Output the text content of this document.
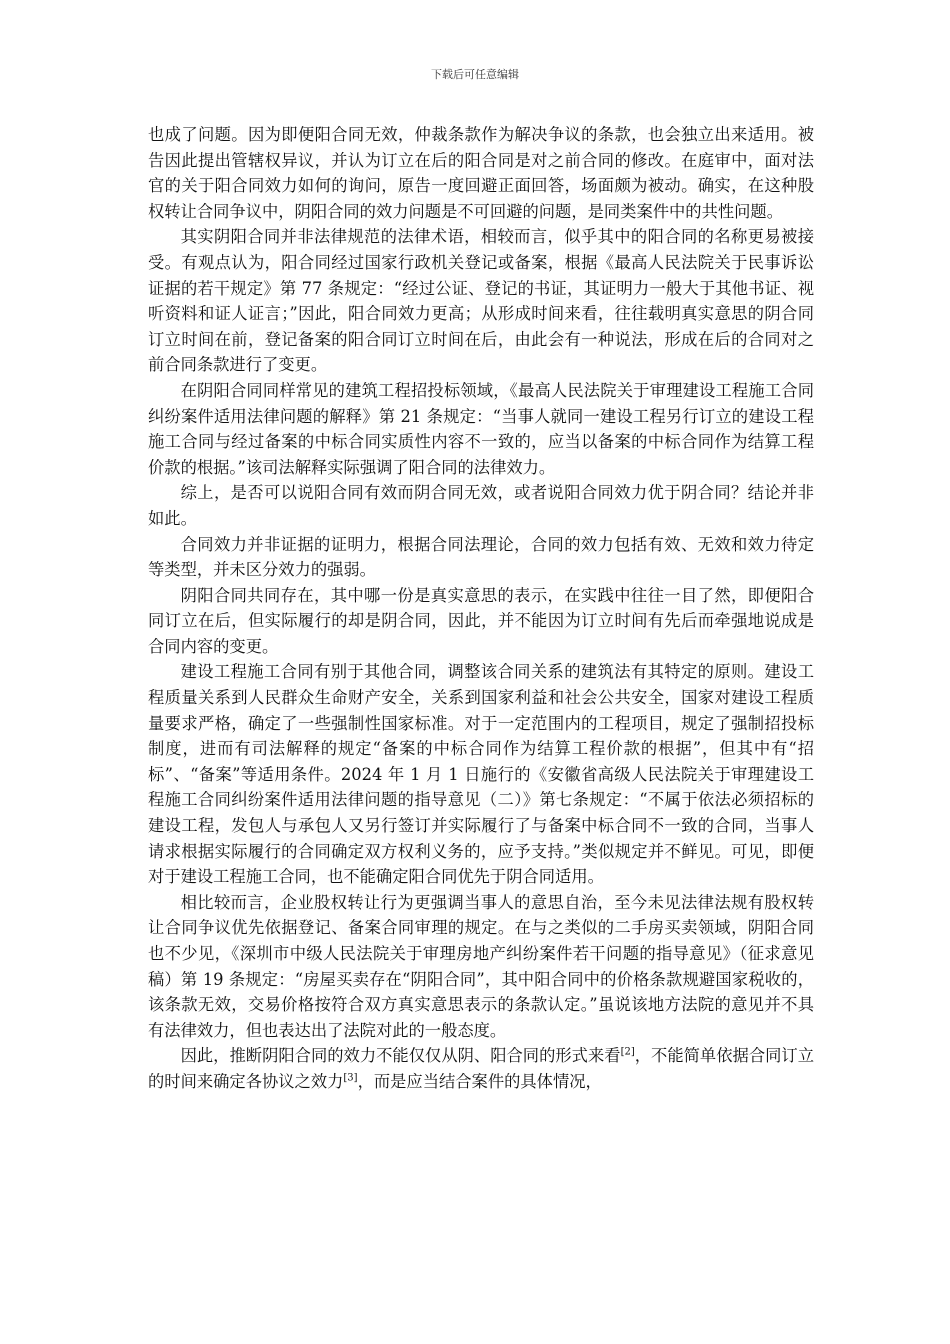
下载后可任意编辑

也成了问题。因为即便阳合同无效，仲裁条款作为解决争议的条款，也会独立出来适用。被告因此提出管辖权异议，并认为订立在后的阳合同是对之前合同的修改。在庭审中，面对法官的关于阳合同效力如何的询问，原告一度回避正面回答，场面颇为被动。确实，在这种股权转让合同争议中，阴阳合同的效力问题是不可回避的问题，是同类案件中的共性问题。

其实阴阳合同并非法律规范的法律术语，相较而言，似乎其中的阳合同的名称更易被接受。有观点认为，阳合同经过国家行政机关登记或备案，根据《最高人民法院关于民事诉讼证据的若干规定》第 77 条规定：“经过公证、登记的书证，其证明力一般大于其他书证、视听资料和证人证言；”因此，阳合同效力更高；从形成时间来看，往往载明真实意思的阴合同订立时间在前，登记备案的阳合同订立时间在后，由此会有一种说法，形成在后的合同对之前合同条款进行了变更。

在阴阳合同同样常见的建筑工程招投标领域，《最高人民法院关于审理建设工程施工合同纠纷案件适用法律问题的解释》第 21 条规定：“当事人就同一建设工程另行订立的建设工程施工合同与经过备案的中标合同实质性内容不一致的，应当以备案的中标合同作为结算工程价款的根据。”该司法解释实际强调了阳合同的法律效力。

综上，是否可以说阳合同有效而阴合同无效，或者说阳合同效力优于阴合同？结论并非如此。

合同效力并非证据的证明力，根据合同法理论，合同的效力包括有效、无效和效力待定等类型，并未区分效力的强弱。

阴阳合同共同存在，其中哪一份是真实意思的表示，在实践中往往一目了然，即便阳合同订立在后，但实际履行的却是阴合同，因此，并不能因为订立时间有先后而牵强地说成是合同内容的变更。

建设工程施工合同有别于其他合同，调整该合同关系的建筑法有其特定的原则。建设工程质量关系到人民群众生命财产安全，关系到国家利益和社会公共安全，国家对建设工程质量要求严格，确定了一些强制性国家标准。对于一定范围内的工程项目，规定了强制招投标制度，进而有司法解释的规定“备案的中标合同作为结算工程价款的根据”，但其中有“招标”、“备案”等适用条件。2024 年 1 月 1 日施行的《安徽省高级人民法院关于审理建设工程施工合同纠纷案件适用法律问题的指导意见（二）》第七条规定：“不属于依法必须招标的建设工程，发包人与承包人又另行签订并实际履行了与备案中标合同不一致的合同，当事人请求根据实际履行的合同确定双方权利义务的，应予支持。”类似规定并不鲜见。可见，即便对于建设工程施工合同，也不能确定阳合同优先于阴合同适用。

相比较而言，企业股权转让行为更强调当事人的意思自治，至今未见法律法规有股权转让合同争议优先依据登记、备案合同审理的规定。在与之类似的二手房买卖领域，阴阳合同也不少见，《深圳市中级人民法院关于审理房地产纠纷案件若干问题的指导意见》（征求意见稿）第 19 条规定：“房屋买卖存在“阴阳合同”，其中阳合同中的价格条款规避国家税收的，该条款无效，交易价格按符合双方真实意思表示的条款认定。”虽说该地方法院的意见并不具有法律效力，但也表达出了法院对此的一般态度。

因此，推断阴阳合同的效力不能仅仅从阴、阳合同的形式来看[2]，不能简单依据合同订立的时间来确定各协议之效力[3]，而是应当结合案件的具体情况，
